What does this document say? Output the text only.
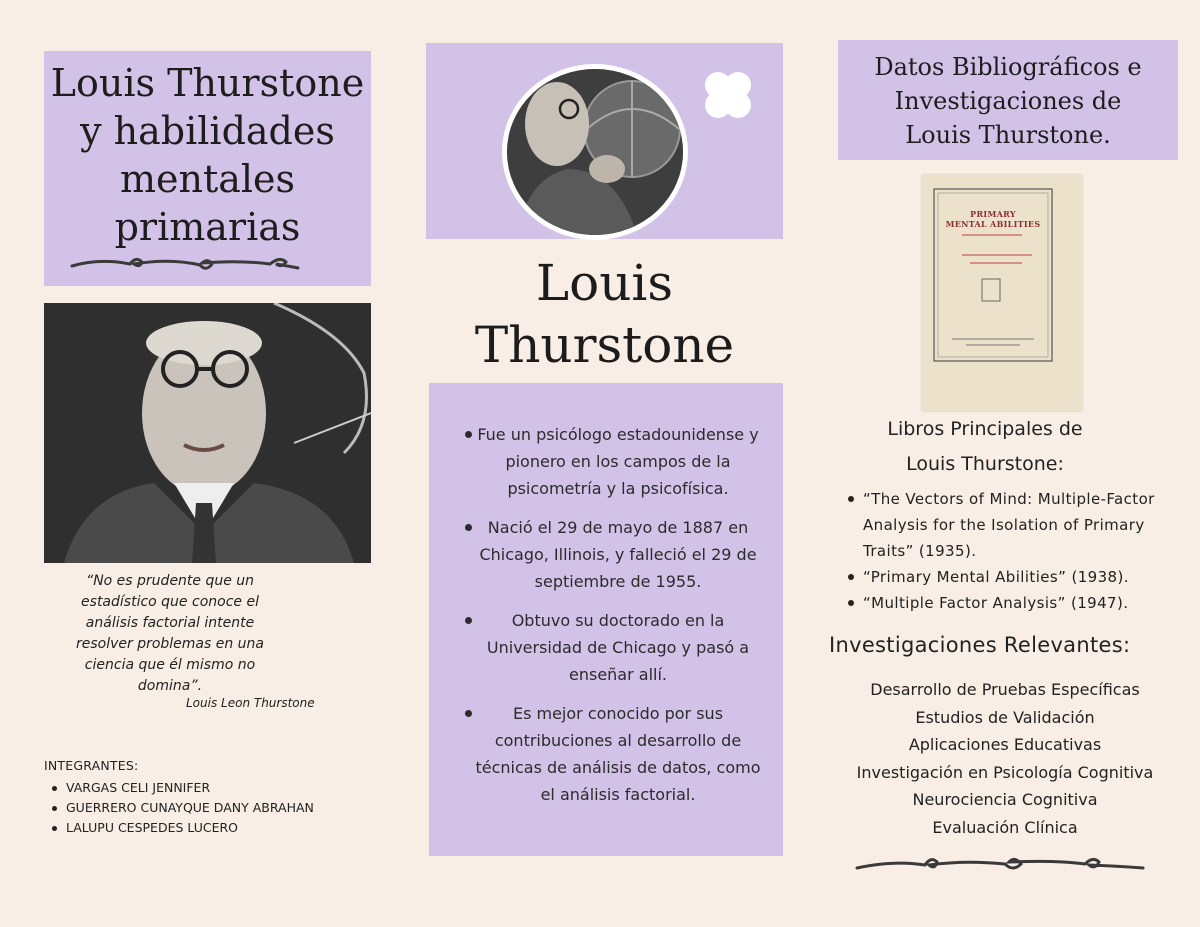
Louis Thurstone
y habilidades
mentales
primarias
“No es prudente que un estadístico que conoce el análisis factorial intente resolver problemas en una ciencia que él mismo no domina”.
Louis Leon Thurstone
INTEGRANTES:
VARGAS CELI JENNIFER
GUERRERO CUNAYQUE DANY ABRAHAN
LALUPU CESPEDES LUCERO
Louis
Thurstone
Fue un psicólogo estadounidense y pionero en los campos de la psicometría y la psicofísica.
Nació el 29 de mayo de 1887 en Chicago, Illinois, y falleció el 29 de septiembre de 1955.
Obtuvo su doctorado en la Universidad de Chicago y pasó a enseñar allí.
Es mejor conocido por sus contribuciones al desarrollo de técnicas de análisis de datos, como el análisis factorial.
Datos Bibliográficos e
Investigaciones de
Louis Thurstone.
PRIMARY
MENTAL ABILITIES
Libros Principales de
Louis Thurstone:
“The Vectors of Mind: Multiple-Factor Analysis for the Isolation of Primary Traits” (1935).
“Primary Mental Abilities” (1938).
“Multiple Factor Analysis” (1947).
Investigaciones Relevantes:
Desarrollo de Pruebas Específicas
Estudios de Validación
Aplicaciones Educativas
Investigación en Psicología Cognitiva
Neurociencia Cognitiva
Evaluación Clínica
